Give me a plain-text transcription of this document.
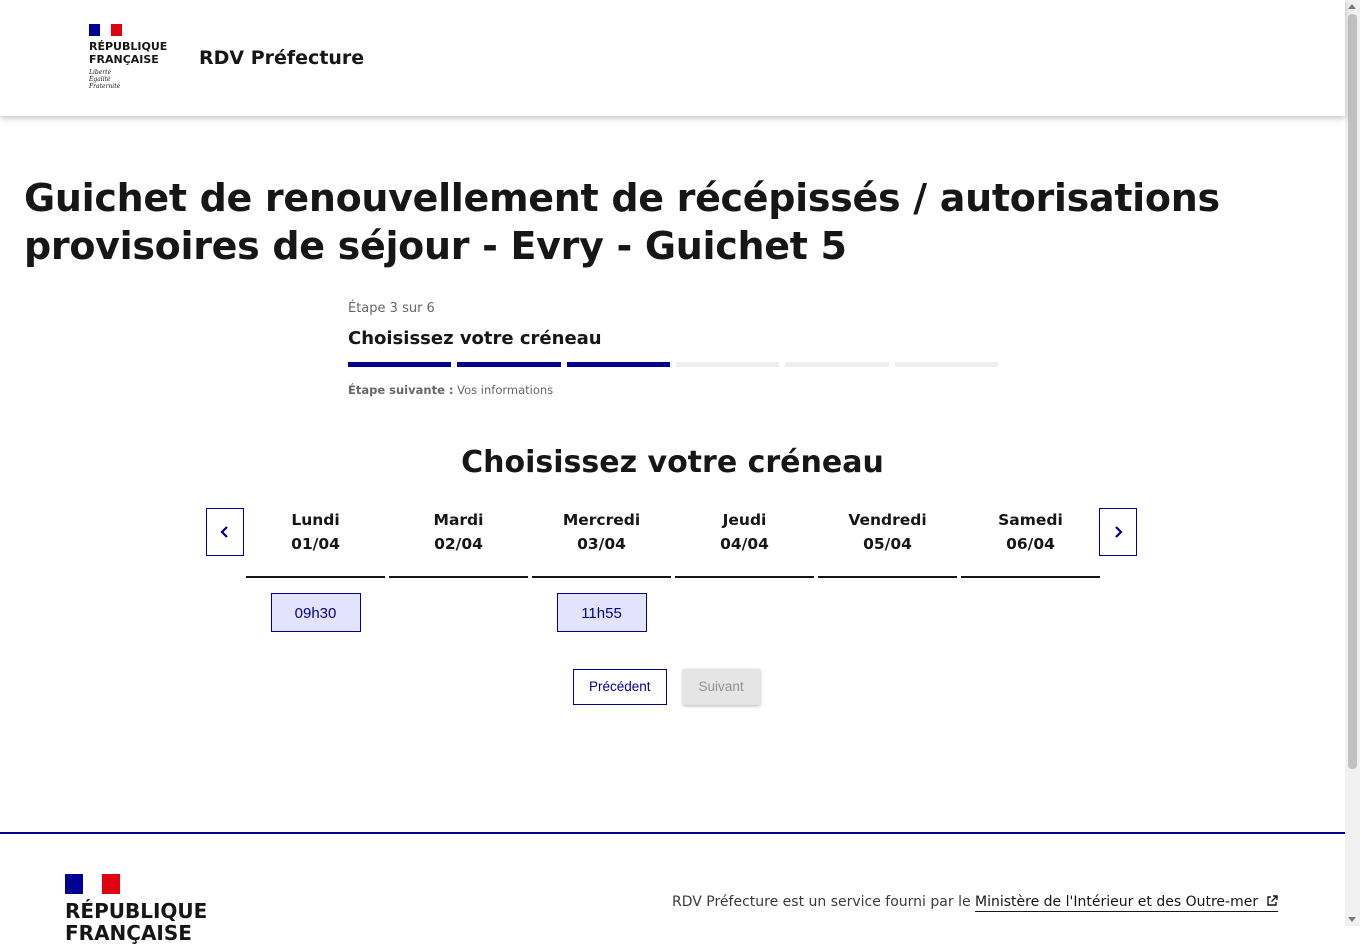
RÉPUBLIQUE
FRANÇAISE
Liberté
Égalité
Fraternité
RDV Préfecture
Guichet de renouvellement de récépissés / autorisations provisoires de séjour - Evry - Guichet 5
Étape 3 sur 6
Choisissez votre créneau
Étape suivante : Vos informations
Choisissez votre créneau
Lundi
01/04
09h30
Mardi
02/04
Mercredi
03/04
11h55
Jeudi
04/04
Vendredi
05/04
Samedi
06/04
Précédent	Suivant
RÉPUBLIQUE
FRANÇAISE
RDV Préfecture est un service fourni par le Ministère de l'Intérieur et des Outre-mer
